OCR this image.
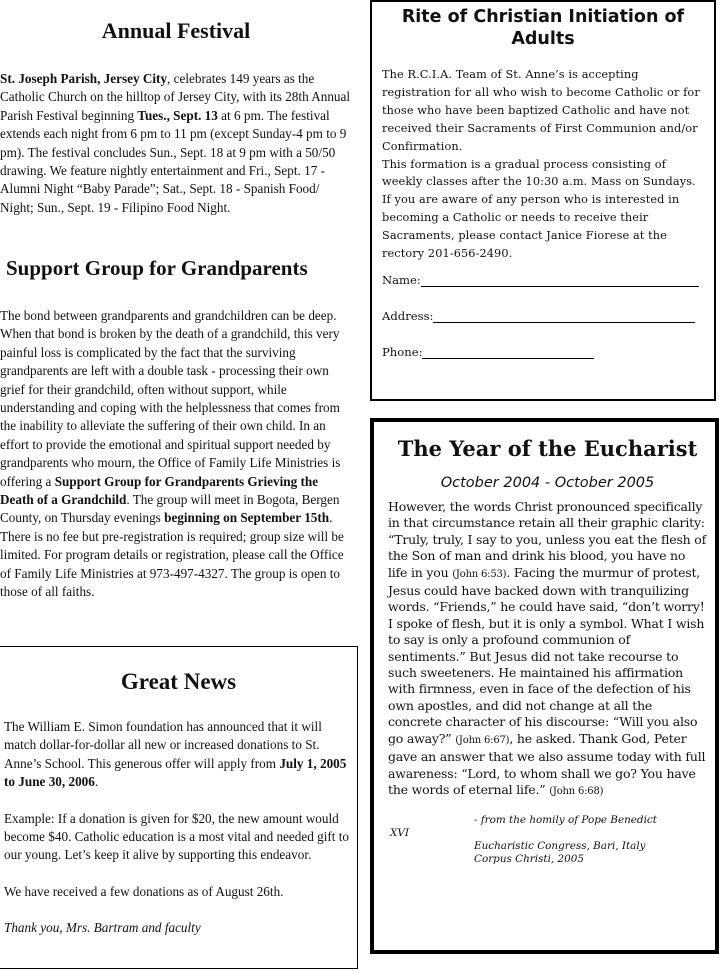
Annual Festival

St. Joseph Parish, Jersey City, celebrates 149 years as the Catholic Church on the hilltop of Jersey City, with its 28th Annual Parish Festival beginning Tues., Sept. 13 at 6 pm. The festival extends each night from 6 pm to 11 pm (except Sunday-4 pm to 9 pm). The festival concludes Sun., Sept. 18 at 9 pm with a 50/50 drawing. We feature nightly entertainment and Fri., Sept. 17 - Alumni Night “Baby Parade”; Sat., Sept. 18 - Spanish Food/ Night; Sun., Sept. 19 - Filipino Food Night.

Support Group for Grandparents

The bond between grandparents and grandchildren can be deep. When that bond is broken by the death of a grandchild, this very painful loss is complicated by the fact that the surviving grandparents are left with a double task - processing their own grief for their grandchild, often without support, while understanding and coping with the helplessness that comes from the inability to alleviate the suffering of their own child. In an effort to provide the emotional and spiritual support needed by grandparents who mourn, the Office of Family Life Ministries is offering a Support Group for Grandparents Grieving the Death of a Grandchild. The group will meet in Bogota, Bergen County, on Thursday evenings beginning on September 15th. There is no fee but pre-registration is required; group size will be limited. For program details or registration, please call the Office of Family Life Ministries at 973-497-4327. The group is open to those of all faiths.

Great News

The William E. Simon foundation has announced that it will match dollar-for-dollar all new or increased donations to St. Anne’s School. This generous offer will apply from July 1, 2005 to June 30, 2006.

Example: If a donation is given for $20, the new amount would become $40. Catholic education is a most vital and needed gift to our young. Let’s keep it alive by supporting this endeavor.

We have received a few donations as of August 26th.

Thank you, Mrs. Bartram and faculty

Rite of Christian Initiation of Adults

The R.C.I.A. Team of St. Anne’s is accepting registration for all who wish to become Catholic or for those who have been baptized Catholic and have not received their Sacraments of First Communion and/or Confirmation.

This formation is a gradual process consisting of weekly classes after the 10:30 a.m. Mass on Sundays. If you are aware of any person who is interested in becoming a Catholic or needs to receive their Sacraments, please contact Janice Fiorese at the rectory 201-656-2490.

Name:
Address:
Phone:
The Year of the Eucharist

October 2004 - October 2005

However, the words Christ pronounced specifically in that circumstance retain all their graphic clarity: “Truly, truly, I say to you, unless you eat the flesh of the Son of man and drink his blood, you have no life in you (John 6:53). Facing the murmur of protest, Jesus could have backed down with tranquilizing words. “Friends,” he could have said, “don’t worry! I spoke of flesh, but it is only a symbol. What I wish to say is only a profound communion of sentiments.” But Jesus did not take recourse to such sweeteners. He maintained his affirmation with firmness, even in face of the defection of his own apostles, and did not change at all the concrete character of his discourse: “Will you also go away?” (John 6:67), he asked. Thank God, Peter gave an answer that we also assume today with full awareness: “Lord, to whom shall we go? You have the words of eternal life.” (John 6:68)

- from the homily of Pope Benedict

XVI

Eucharistic Congress, Bari, Italy

Corpus Christi, 2005
